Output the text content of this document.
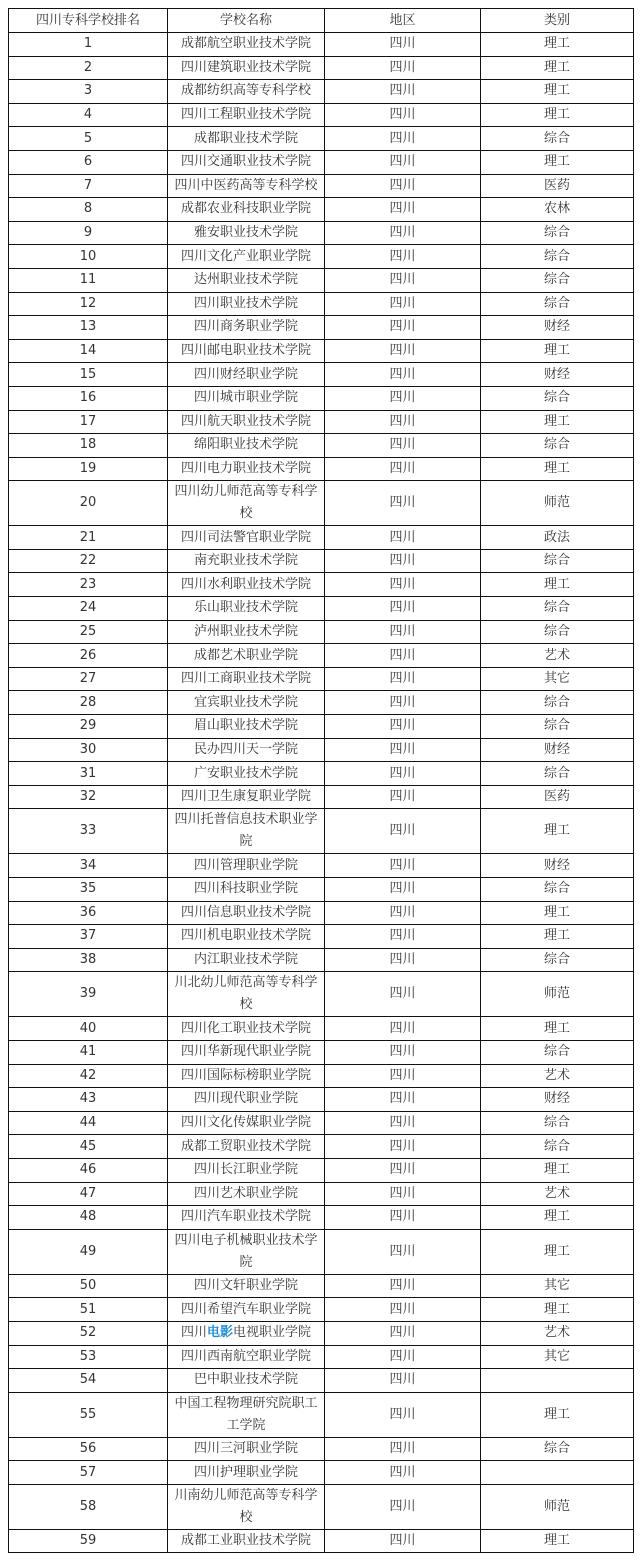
四川专科学校排名	学校名称	地区	类别
1	成都航空职业技术学院	四川	理工
2	四川建筑职业技术学院	四川	理工
3	成都纺织高等专科学校	四川	理工
4	四川工程职业技术学院	四川	理工
5	成都职业技术学院	四川	综合
6	四川交通职业技术学院	四川	理工
7	四川中医药高等专科学校	四川	医药
8	成都农业科技职业学院	四川	农林
9	雅安职业技术学院	四川	综合
10	四川文化产业职业学院	四川	综合
11	达州职业技术学院	四川	综合
12	四川职业技术学院	四川	综合
13	四川商务职业学院	四川	财经
14	四川邮电职业技术学院	四川	理工
15	四川财经职业学院	四川	财经
16	四川城市职业学院	四川	综合
17	四川航天职业技术学院	四川	理工
18	绵阳职业技术学院	四川	综合
19	四川电力职业技术学院	四川	理工
20	四川幼儿师范高等专科学校	四川	师范
21	四川司法警官职业学院	四川	政法
22	南充职业技术学院	四川	综合
23	四川水利职业技术学院	四川	理工
24	乐山职业技术学院	四川	综合
25	泸州职业技术学院	四川	综合
26	成都艺术职业学院	四川	艺术
27	四川工商职业技术学院	四川	其它
28	宜宾职业技术学院	四川	综合
29	眉山职业技术学院	四川	综合
30	民办四川天一学院	四川	财经
31	广安职业技术学院	四川	综合
32	四川卫生康复职业学院	四川	医药
33	四川托普信息技术职业学院	四川	理工
34	四川管理职业学院	四川	财经
35	四川科技职业学院	四川	综合
36	四川信息职业技术学院	四川	理工
37	四川机电职业技术学院	四川	理工
38	内江职业技术学院	四川	综合
39	川北幼儿师范高等专科学校	四川	师范
40	四川化工职业技术学院	四川	理工
41	四川华新现代职业学院	四川	综合
42	四川国际标榜职业学院	四川	艺术
43	四川现代职业学院	四川	财经
44	四川文化传媒职业学院	四川	综合
45	成都工贸职业技术学院	四川	综合
46	四川长江职业学院	四川	理工
47	四川艺术职业学院	四川	艺术
48	四川汽车职业技术学院	四川	理工
49	四川电子机械职业技术学院	四川	理工
50	四川文轩职业学院	四川	其它
51	四川希望汽车职业学院	四川	理工
52	四川电影电视职业学院	四川	艺术
53	四川西南航空职业学院	四川	其它
54	巴中职业技术学院	四川	
55	中国工程物理研究院职工工学院	四川	理工
56	四川三河职业学院	四川	综合
57	四川护理职业学院	四川	
58	川南幼儿师范高等专科学校	四川	师范
59	成都工业职业技术学院	四川	理工
